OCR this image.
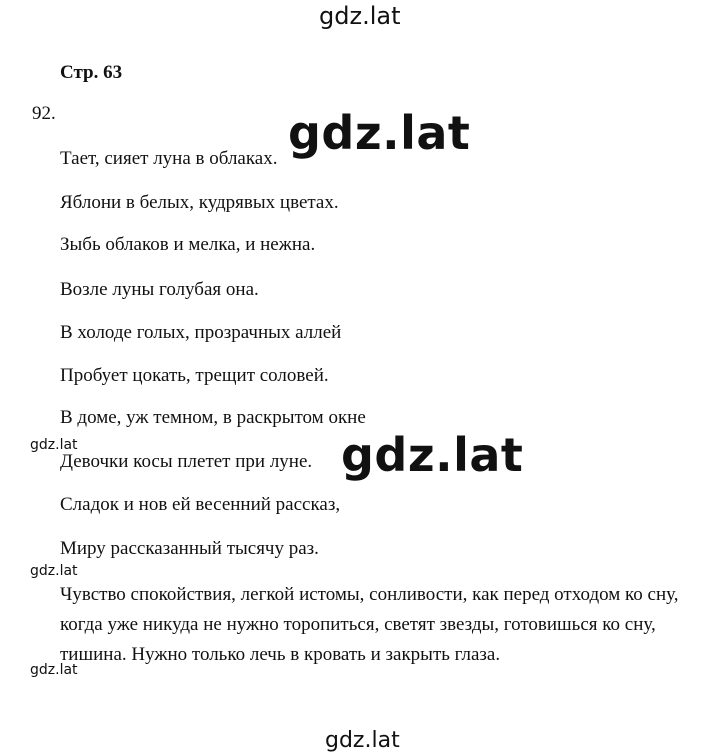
gdz.lat
Стр. 63
92.
Тает, сияет луна в облаках.
Яблони в белых, кудрявых цветах.
Зыбь облаков и мелка, и нежна.
Возле луны голубая она.
В холоде голых, прозрачных аллей
Пробует цокать, трещит соловей.
В доме, уж темном, в раскрытом окне
Девочки косы плетет при луне.
Сладок и нов ей весенний рассказ,
Миру рассказанный тысячу раз.

Чувство спокойствия, легкой истомы, сонливости, как перед отходом ко сну, когда уже никуда не нужно торопиться, светят звезды, готовишься ко сну, тишина. Нужно только лечь в кровать и закрыть глаза.

gdz.lat
gdz.lat
gdz.lat
gdz.lat
gdz.lat
gdz.lat
